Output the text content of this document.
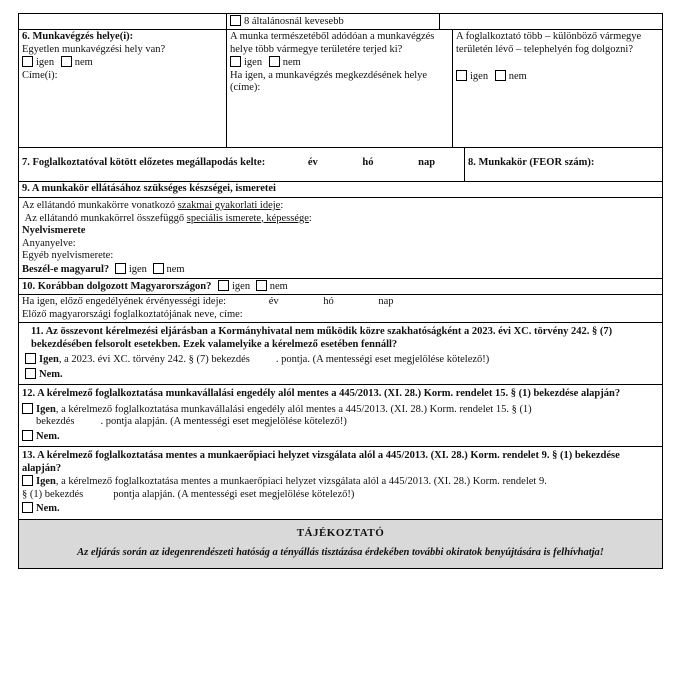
8 általánosnál kevesebb
6. Munkavégzés helye(i):
Egyetlen munkavégzési hely van?
igen nem
Címe(i):
A munka természetéből adódóan a munkavégzés helye több vármegye területére terjed ki?
igen nem
Ha igen, a munkavégzés megkezdésének helye (címe):
A foglalkoztató több – különböző vármegye területén lévő – telephelyén fog dolgozni?
igen nem
7. Foglalkoztatóval kötött előzetes megállapodás kelte:	év	hó	nap	8. Munkakör (FEOR szám):
9. A munkakör ellátásához szükséges készségei, ismeretei
Az ellátandó munkakörre vonatkozó szakmai gyakorlati ideje:
Az ellátandó munkakörrel összefüggő speciális ismerete, képessége:
Nyelvismerete
Anyanyelve:
Egyéb nyelvismerete:
Beszél-e magyarul? igen nem
10. Korábban dolgozott Magyarországon? igen nem
Ha igen, előző engedélyének érvényességi ideje:	év	hó	nap
Előző magyarországi foglalkoztatójának neve, címe:
11. Az összevont kérelmezési eljárásban a Kormányhivatal nem működik közre szakhatóságként a 2023. évi XC. törvény 242. § (7) bekezdésében felsorolt esetekben. Ezek valamelyike a kérelmező esetében fennáll?
Igen, a 2023. évi XC. törvény 242. § (7) bekezdés . pontja. (A mentességi eset megjelölése kötelező!)
Nem.
12. A kérelmező foglalkoztatása munkavállalási engedély alól mentes a 445/2013. (XI. 28.) Korm. rendelet 15. § (1) bekezdése alapján?
Igen, a kérelmező foglalkoztatása munkavállalási engedély alól mentes a 445/2013. (XI. 28.) Korm. rendelet 15. § (1)
bekezdés . pontja alapján. (A mentességi eset megjelölése kötelező!)
Nem.
13. A kérelmező foglalkoztatása mentes a munkaerőpiaci helyzet vizsgálata alól a 445/2013. (XI. 28.) Korm. rendelet 9. § (1) bekezdése alapján?
Igen, a kérelmező foglalkoztatása mentes a munkaerőpiaci helyzet vizsgálata alól a 445/2013. (XI. 28.) Korm. rendelet 9.
§ (1) bekezdés	pontja alapján. (A mentességi eset megjelölése kötelező!)
Nem.
TÁJÉKOZTATÓ
Az eljárás során az idegenrendészeti hatóság a tényállás tisztázása érdekében további okiratok benyújtására is felhívhatja!
